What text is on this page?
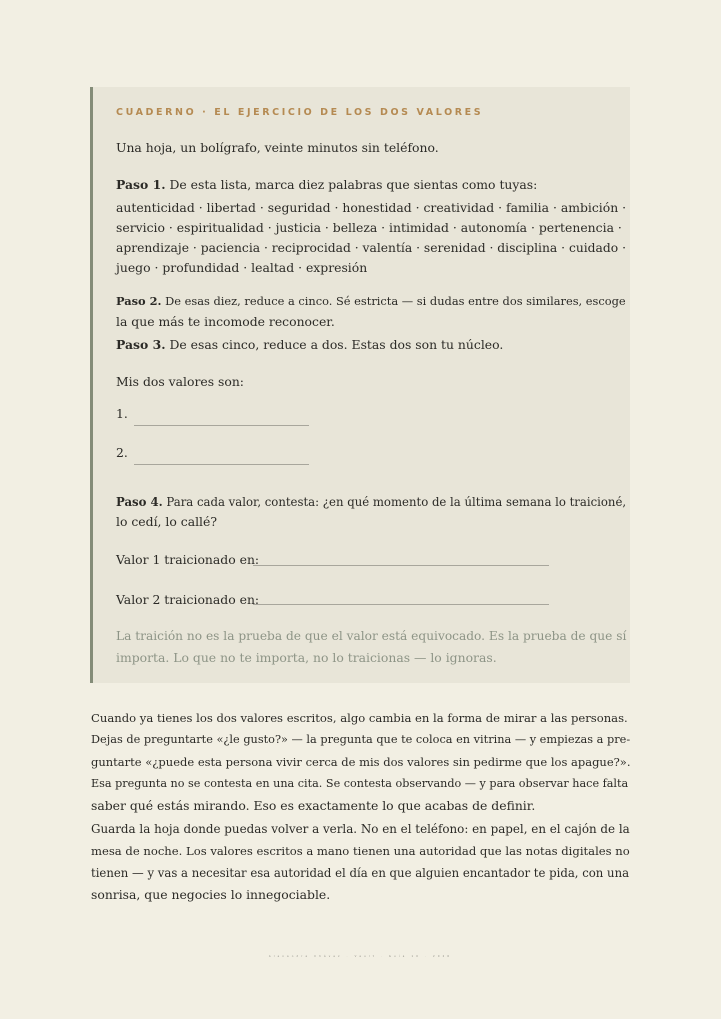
CUADERNO · EL EJERCICIO DE LOS DOS VALORES
Una hoja, un bolígrafo, veinte minutos sin teléfono.
Paso 1. De esta lista, marca diez palabras que sientas como tuyas:
autenticidad · libertad · seguridad · honestidad · creatividad · familia · ambición ·
servicio · espiritualidad · justicia · belleza · intimidad · autonomía · pertenencia ·
aprendizaje · paciencia · reciprocidad · valentía · serenidad · disciplina · cuidado ·
juego · profundidad · lealtad · expresión
Paso 2. De esas diez, reduce a cinco. Sé estricta — si dudas entre dos similares, escoge
la que más te incomode reconocer.
Paso 3. De esas cinco, reduce a dos. Estas dos son tu núcleo.
Mis dos valores son:
1.
2.
Paso 4. Para cada valor, contesta: ¿en qué momento de la última semana lo traicioné,
lo cedí, lo callé?
Valor 1 traicionado en:
Valor 2 traicionado en:
La traición no es la prueba de que el valor está equivocado. Es la prueba de que sí
importa. Lo que no te importa, no lo traicionas — lo ignoras.
Cuando ya tienes los dos valores escritos, algo cambia en la forma de mirar a las personas.
Dejas de preguntarte «¿le gusto?» — la pregunta que te coloca en vitrina — y empiezas a pre-
guntarte «¿puede esta persona vivir cerca de mis dos valores sin pedirme que los apague?».
Esa pregunta no se contesta en una cita. Se contesta observando — y para observar hace falta
saber qué estás mirando. Eso es exactamente lo que acabas de definir.
Guarda la hoja donde puedas volver a verla. No en el teléfono: en papel, en el cajón de la
mesa de noche. Los valores escritos a mano tienen una autoridad que las notas digitales no
tienen — y vas a necesitar esa autoridad el día en que alguien encantador te pida, con una
sonrisa, que negocies lo innegociable.
Alexandra Chávez · Vault · Guía 10 · 2026
